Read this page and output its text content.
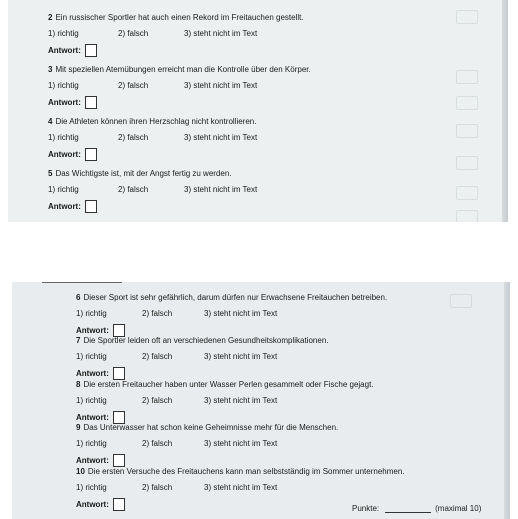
2 Ein russischer Sportler hat auch einen Rekord im Freitauchen gestellt.
1) richtig	2) falsch	3) steht nicht im Text
Antwort:
3 Mit speziellen Atemübungen erreicht man die Kontrolle über den Körper.
1) richtig	2) falsch	3) steht nicht im Text
Antwort:
4 Die Athleten können ihren Herzschlag nicht kontrollieren.
1) richtig	2) falsch	3) steht nicht im Text
Antwort:
5 Das Wichtigste ist, mit der Angst fertig zu werden.
1) richtig	2) falsch	3) steht nicht im Text
Antwort:
6 Dieser Sport ist sehr gefährlich, darum dürfen nur Erwachsene Freitauchen betreiben.
1) richtig	2) falsch	3) steht nicht im Text
Antwort:
7 Die Sportler leiden oft an verschiedenen Gesundheitskomplikationen.
1) richtig	2) falsch	3) steht nicht im Text
Antwort:
8 Die ersten Freitaucher haben unter Wasser Perlen gesammelt oder Fische gejagt.
1) richtig	2) falsch	3) steht nicht im Text
Antwort:
9 Das Unterwasser hat schon keine Geheimnisse mehr für die Menschen.
1) richtig	2) falsch	3) steht nicht im Text
Antwort:
10 Die ersten Versuche des Freitauchens kann man selbstständig im Sommer unternehmen.
1) richtig	2) falsch	3) steht nicht im Text
Antwort:	Punkte:	(maximal 10)
